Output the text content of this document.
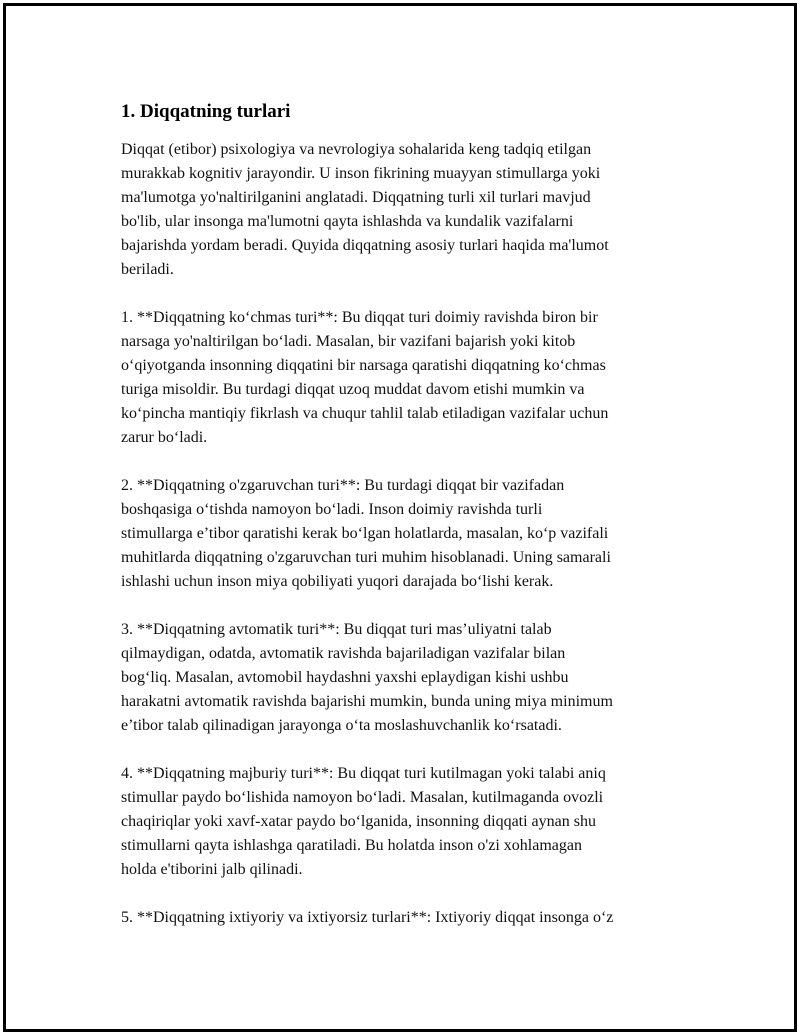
1. Diqqatning turlari

Diqqat (etibor) psixologiya va nevrologiya sohalarida keng tadqiq etilgan
murakkab kognitiv jarayondir. U inson fikrining muayyan stimullarga yoki
ma'lumotga yo'naltirilganini anglatadi. Diqqatning turli xil turlari mavjud
bo'lib, ular insonga ma'lumotni qayta ishlashda va kundalik vazifalarni
bajarishda yordam beradi. Quyida diqqatning asosiy turlari haqida ma'lumot
beriladi.

1. **Diqqatning koʻchmas turi**: Bu diqqat turi doimiy ravishda biron bir
narsaga yo'naltirilgan boʻladi. Masalan, bir vazifani bajarish yoki kitob
oʻqiyotganda insonning diqqatini bir narsaga qaratishi diqqatning koʻchmas
turiga misoldir. Bu turdagi diqqat uzoq muddat davom etishi mumkin va
koʻpincha mantiqiy fikrlash va chuqur tahlil talab etiladigan vazifalar uchun
zarur boʻladi.

2. **Diqqatning o'zgaruvchan turi**: Bu turdagi diqqat bir vazifadan
boshqasiga oʻtishda namoyon boʻladi. Inson doimiy ravishda turli
stimullarga e’tibor qaratishi kerak boʻlgan holatlarda, masalan, koʻp vazifali
muhitlarda diqqatning o'zgaruvchan turi muhim hisoblanadi. Uning samarali
ishlashi uchun inson miya qobiliyati yuqori darajada boʻlishi kerak.

3. **Diqqatning avtomatik turi**: Bu diqqat turi mas’uliyatni talab
qilmaydigan, odatda, avtomatik ravishda bajariladigan vazifalar bilan
bogʻliq. Masalan, avtomobil haydashni yaxshi eplaydigan kishi ushbu
harakatni avtomatik ravishda bajarishi mumkin, bunda uning miya minimum
e’tibor talab qilinadigan jarayonga oʻta moslashuvchanlik koʻrsatadi.

4. **Diqqatning majburiy turi**: Bu diqqat turi kutilmagan yoki talabi aniq
stimullar paydo boʻlishida namoyon boʻladi. Masalan, kutilmaganda ovozli
chaqiriqlar yoki xavf-xatar paydo boʻlganida, insonning diqqati aynan shu
stimullarni qayta ishlashga qaratiladi. Bu holatda inson o'zi xohlamagan
holda e'tiborini jalb qilinadi.

5. **Diqqatning ixtiyoriy va ixtiyorsiz turlari**: Ixtiyoriy diqqat insonga oʻz
